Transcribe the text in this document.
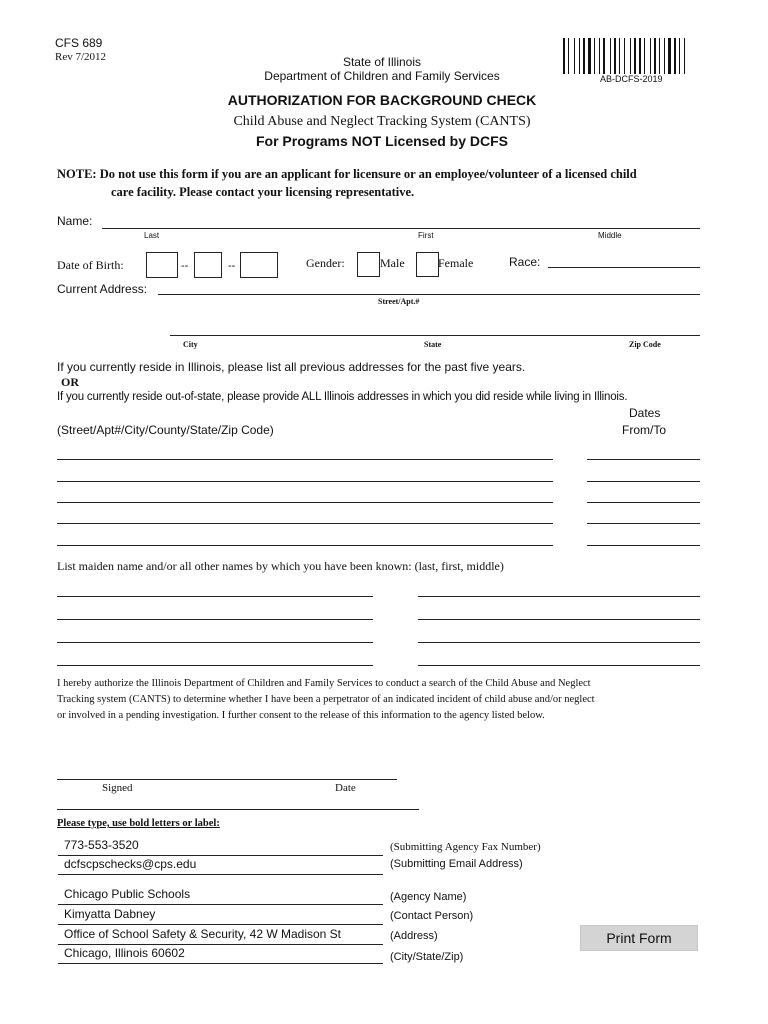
CFS 689
Rev 7/2012	State of Illinois
Department of Children and Family Services	AB-DCFS-2019
AUTHORIZATION FOR BACKGROUND CHECK
Child Abuse and Neglect Tracking System (CANTS)
For Programs NOT Licensed by DCFS
NOTE: Do not use this form if you are an applicant for licensure or an employee/volunteer of a licensed child
care facility. Please contact your licensing representative.
Name:
Last	First	Middle
Date of Birth:	--	--	Gender:	Male	Female	Race:
Current Address:
Street/Apt.#
City	State	Zip Code
If you currently reside in Illinois, please list all previous addresses for the past five years.
OR
If you currently reside out-of-state, please provide ALL Illinois addresses in which you did reside while living in Illinois.
Dates
(Street/Apt#/City/County/State/Zip Code)	From/To
List maiden name and/or all other names by which you have been known: (last, first, middle)
I hereby authorize the Illinois Department of Children and Family Services to conduct a search of the Child Abuse and Neglect
Tracking system (CANTS) to determine whether I have been a perpetrator of an indicated incident of child abuse and/or neglect
or involved in a pending investigation. I further consent to the release of this information to the agency listed below.
Signed	Date
Please type, use bold letters or label:
773-553-3520	(Submitting Agency Fax Number)
dcfscpschecks@cps.edu	(Submitting Email Address)
Chicago Public Schools	(Agency Name)
Kimyatta Dabney	(Contact Person)
Office of School Safety & Security, 42 W Madison St	(Address)
Chicago, Illinois 60602	(City/State/Zip)
Print Form
